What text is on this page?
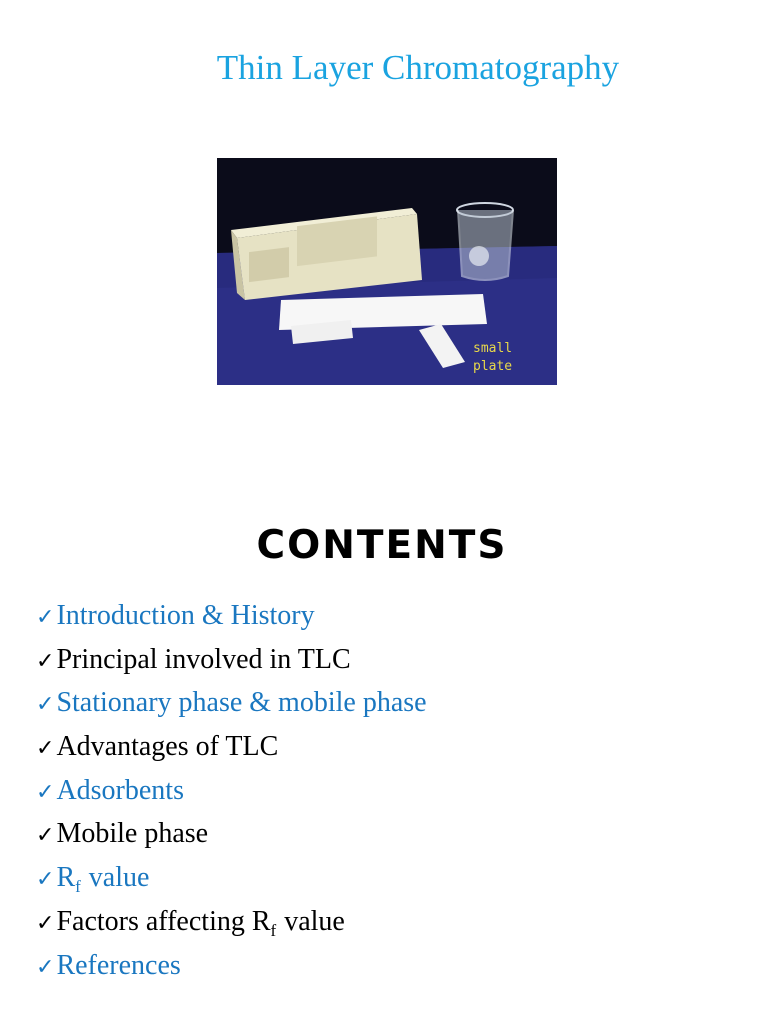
Thin Layer Chromatography
small
plate
CONTENTS
✓Introduction & History
✓Principal involved in TLC
✓Stationary phase & mobile phase
✓Advantages of TLC
✓Adsorbents
✓Mobile phase
$✓R_f$ value
✓Factors affecting $R_f$ value
✓References
